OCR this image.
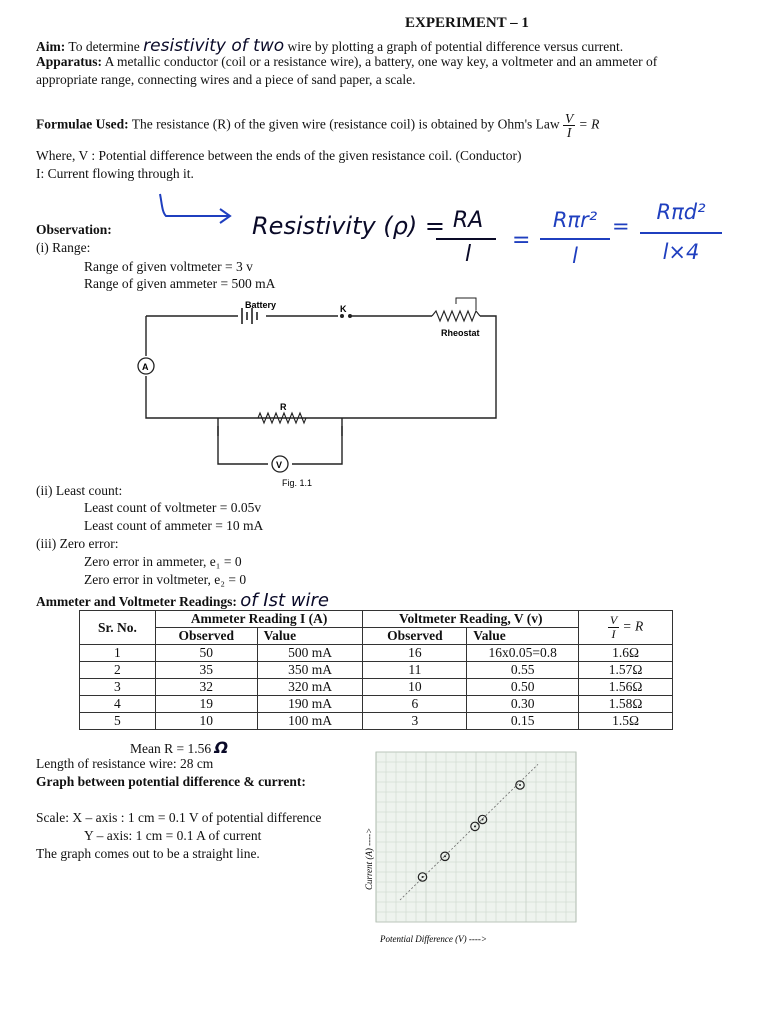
EXPERIMENT – 1
Aim: To determine resistivity of two wire by plotting a graph of potential difference versus current.
Apparatus: A metallic conductor (coil or a resistance wire), a battery, one way key, a voltmeter and an ammeter of
appropriate range, connecting wires and a piece of sand paper, a scale.
Formulae Used: The resistance (R) of the given wire (resistance coil) is obtained by Ohm's Law $\frac{V}{I} = R$
Where, V : Potential difference between the ends of the given resistance coil. (Conductor)
I: Current flowing through it.
Resistivity (ρ) = RA
l
=
Rπr²
l
=
Rπd²
l×4
Observation:
(i) Range:
Range of given voltmeter = 3 v
Range of given ammeter = 500 mA
Battery	K
Rheostat
R
A
V
Fig. 1.1
(ii) Least count:
Least count of voltmeter = 0.05v
Least count of ammeter = 10 mA
(iii) Zero error:
Zero error in ammeter, e₁ = 0
Zero error in voltmeter, e₂ = 0
Ammeter and Voltmeter Readings: of Ist wire
Sr. No.	Ammeter Reading I (A)		Voltmeter Reading, V (v)		$\frac{V}{I} = R$
	Observed	Value	Observed	Value	
1	50	500 mA	16	16x0.05=0.8	1.6Ω
2	35	350 mA	11	0.55	1.57Ω
3	32	320 mA	10	0.50	1.56Ω
4	19	190 mA	6	0.30	1.58Ω
5	10	100 mA	3	0.15	1.5Ω
Mean R = 1.56 Ω
Length of resistance wire: 28 cm
Graph between potential difference & current:
Scale: X – axis : 1 cm = 0.1 V of potential difference
Y – axis: 1 cm = 0.1 A of current
The graph comes out to be a straight line.
Potential Difference (V) ---->
Current (A) ---->
